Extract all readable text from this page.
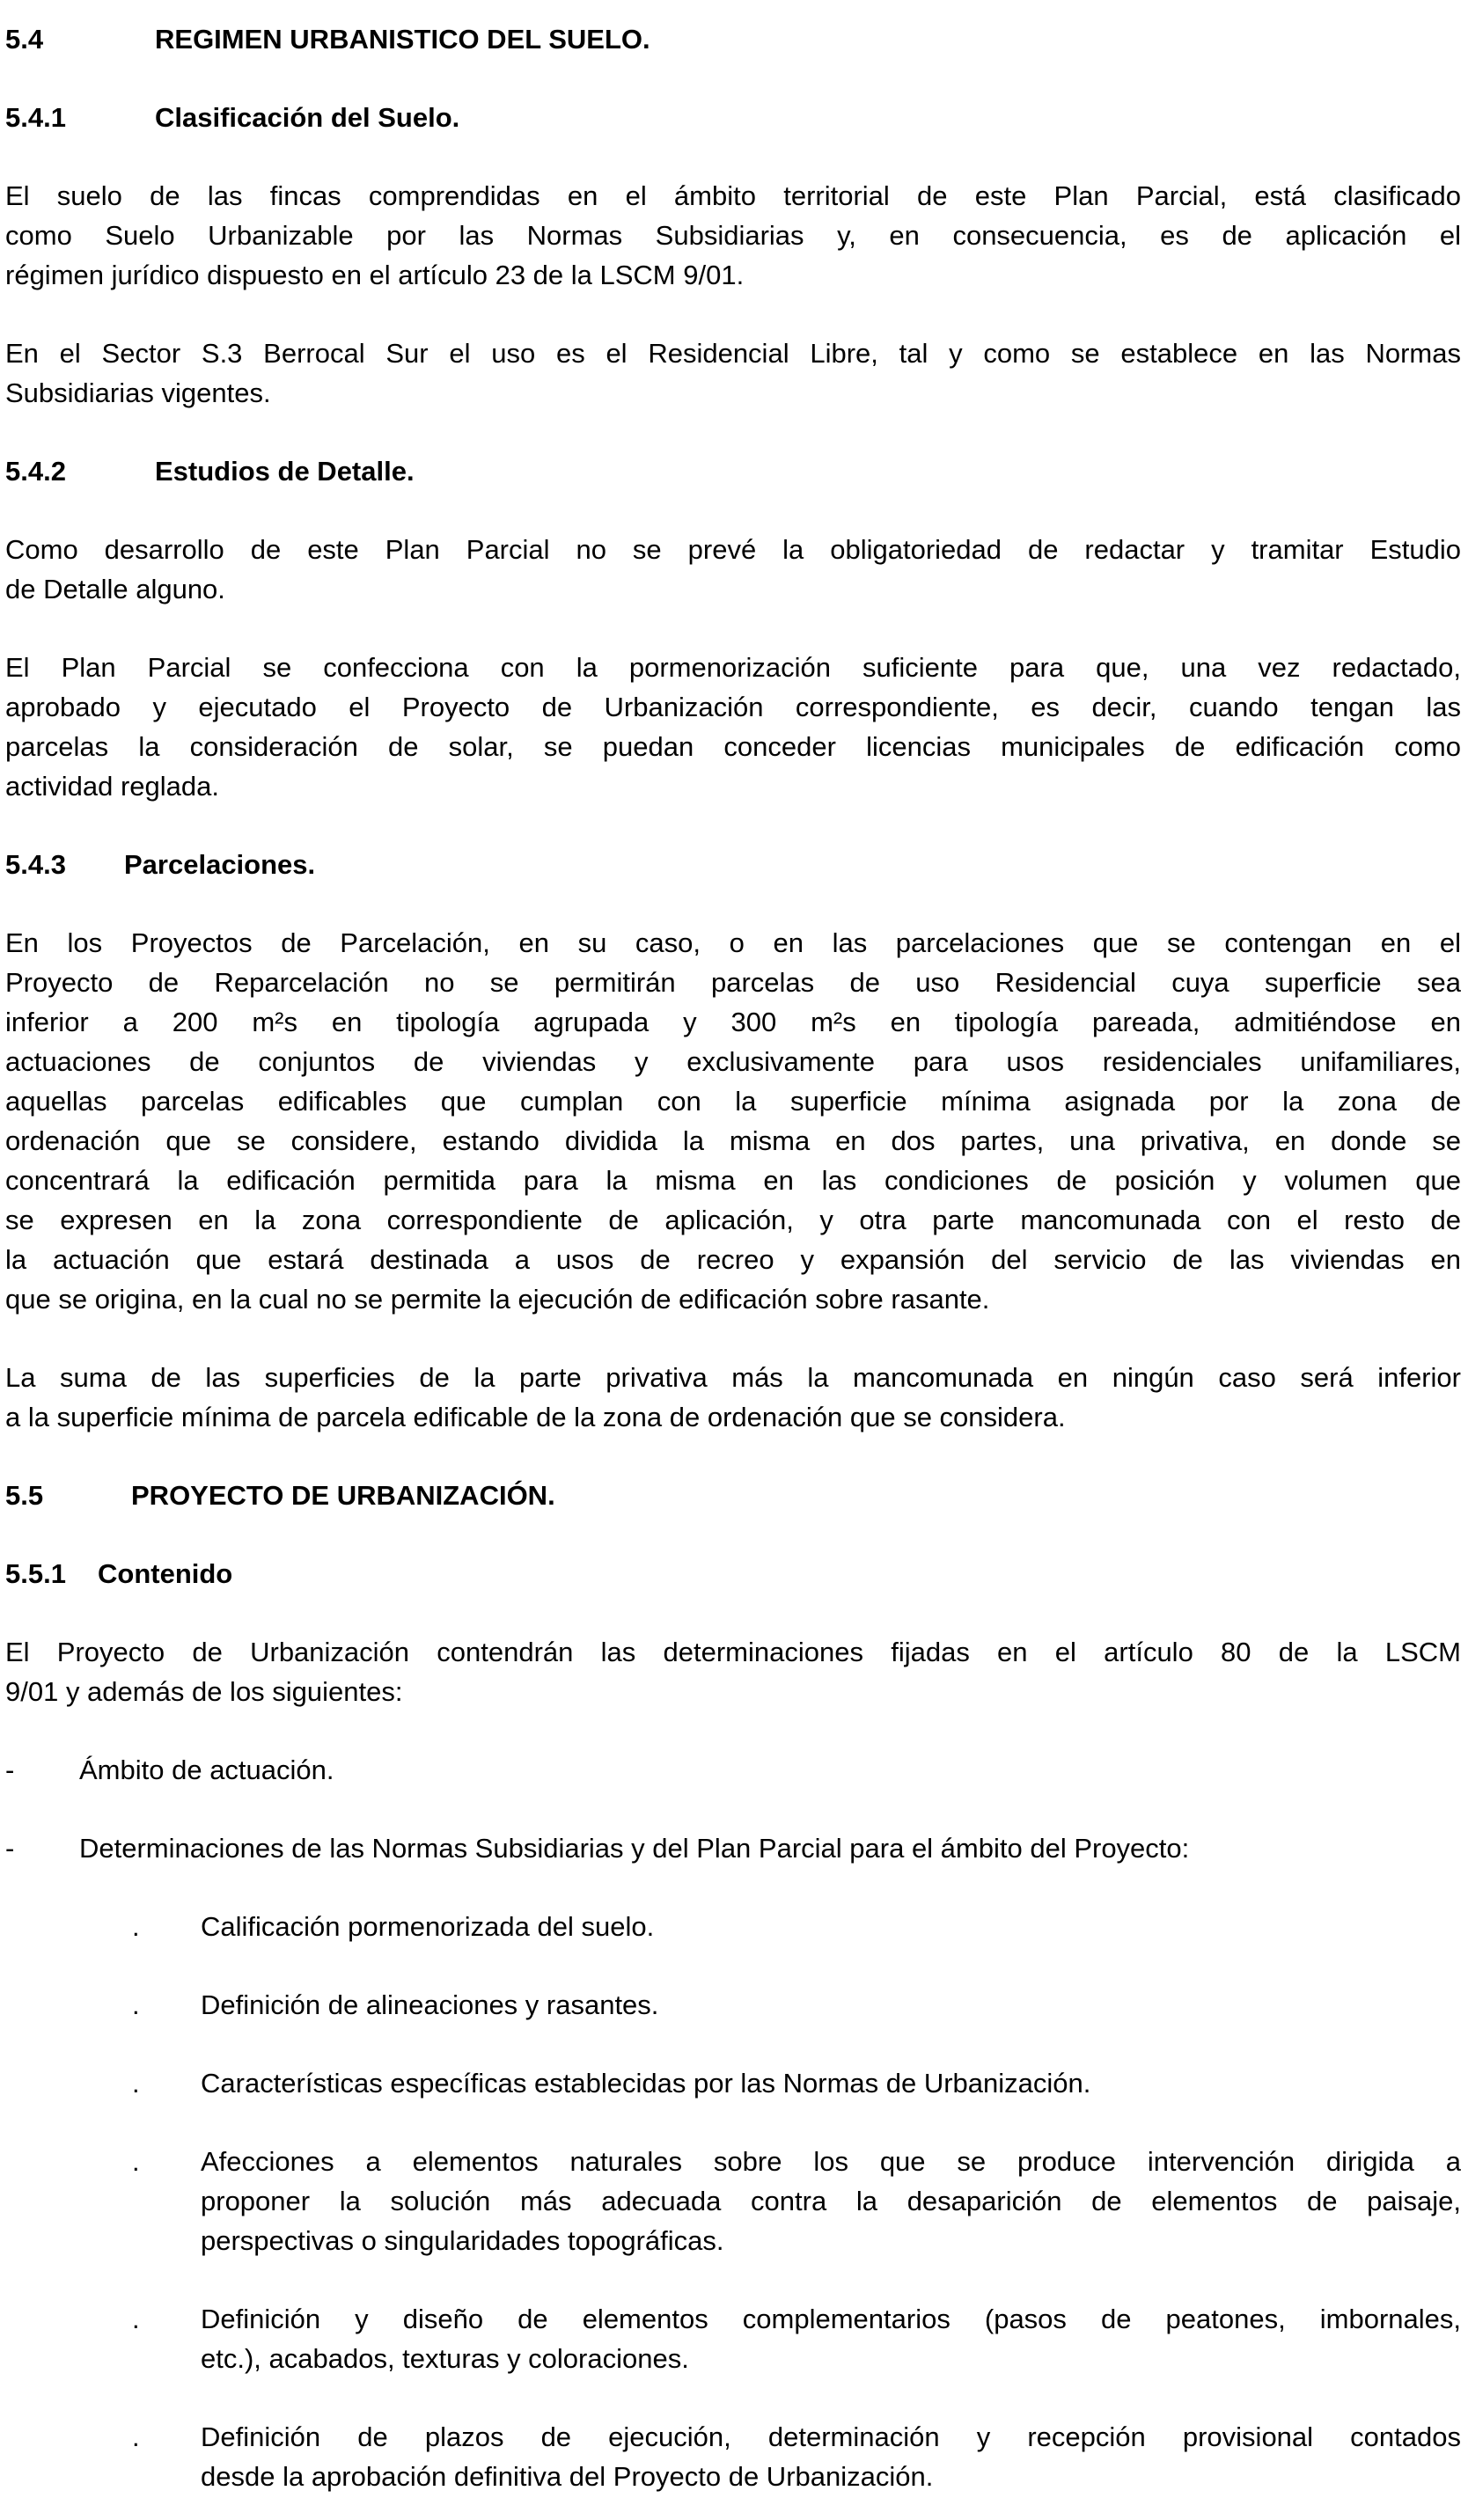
5.4	REGIMEN URBANISTICO DEL SUELO.
5.4.1	Clasificación del Suelo.
El suelo de las fincas comprendidas en el ámbito territorial de este Plan Parcial, está clasificado
como Suelo Urbanizable por las Normas Subsidiarias y, en consecuencia, es de aplicación el
régimen jurídico dispuesto en el artículo 23 de la LSCM 9/01.
En el Sector S.3 Berrocal Sur el uso es el Residencial Libre, tal y como se establece en las Normas
Subsidiarias vigentes.
5.4.2	Estudios de Detalle.
Como desarrollo de este Plan Parcial no se prevé la obligatoriedad de redactar y tramitar Estudio
de Detalle alguno.
El Plan Parcial se confecciona con la pormenorización suficiente para que, una vez redactado,
aprobado y ejecutado el Proyecto de Urbanización correspondiente, es decir, cuando tengan las
parcelas la consideración de solar, se puedan conceder licencias municipales de edificación como
actividad reglada.
5.4.3	Parcelaciones.
En los Proyectos de Parcelación, en su caso, o en las parcelaciones que se contengan en el
Proyecto de Reparcelación no se permitirán parcelas de uso Residencial cuya superficie sea
inferior a 200 m²s en tipología agrupada y 300 m²s en tipología pareada, admitiéndose en
actuaciones de conjuntos de viviendas y exclusivamente para usos residenciales unifamiliares,
aquellas parcelas edificables que cumplan con la superficie mínima asignada por la zona de
ordenación que se considere, estando dividida la misma en dos partes, una privativa, en donde se
concentrará la edificación permitida para la misma en las condiciones de posición y volumen que
se expresen en la zona correspondiente de aplicación, y otra parte mancomunada con el resto de
la actuación que estará destinada a usos de recreo y expansión del servicio de las viviendas en
que se origina, en la cual no se permite la ejecución de edificación sobre rasante.
La suma de las superficies de la parte privativa más la mancomunada en ningún caso será inferior
a la superficie mínima de parcela edificable de la zona de ordenación que se considera.
5.5	PROYECTO DE URBANIZACIÓN.
5.5.1	Contenido
El Proyecto de Urbanización contendrán las determinaciones fijadas en el artículo 80 de la LSCM
9/01 y además de los siguientes:
-	Ámbito de actuación.
-	Determinaciones de las Normas Subsidiarias y del Plan Parcial para el ámbito del Proyecto:
.	Calificación pormenorizada del suelo.
.	Definición de alineaciones y rasantes.
.	Características específicas establecidas por las Normas de Urbanización.
.	Afecciones a elementos naturales sobre los que se produce intervención dirigida a
proponer la solución más adecuada contra la desaparición de elementos de paisaje,
perspectivas o singularidades topográficas.
.	Definición y diseño de elementos complementarios (pasos de peatones, imbornales,
etc.), acabados, texturas y coloraciones.
.	Definición de plazos de ejecución, determinación y recepción provisional contados
desde la aprobación definitiva del Proyecto de Urbanización.
